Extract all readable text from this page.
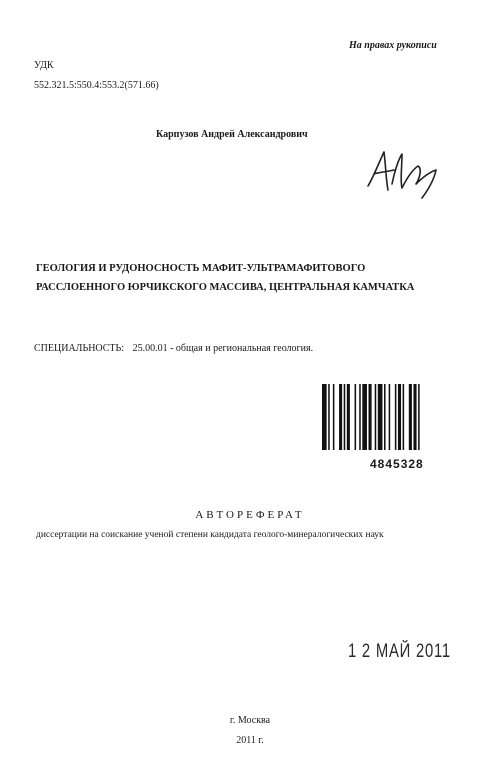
На правах рукописи
УДК
552.321.5:550.4:553.2(571.66)
Карпузов Андрей Александрович
ГЕОЛОГИЯ И РУДОНОСНОСТЬ МАФИТ-УЛЬТРАМАФИТОВОГО
РАССЛОЕННОГО ЮРЧИКСКОГО МАССИВА, ЦЕНТРАЛЬНАЯ КАМЧАТКА
СПЕЦИАЛЬНОСТЬ: 25.00.01 - общая и региональная геология.
4845328
АВТОРЕФЕРАТ
диссертации на соискание ученой степени кандидата геолого-минералогических наук
1 2 МАЙ 2011
г. Москва
2011 г.
